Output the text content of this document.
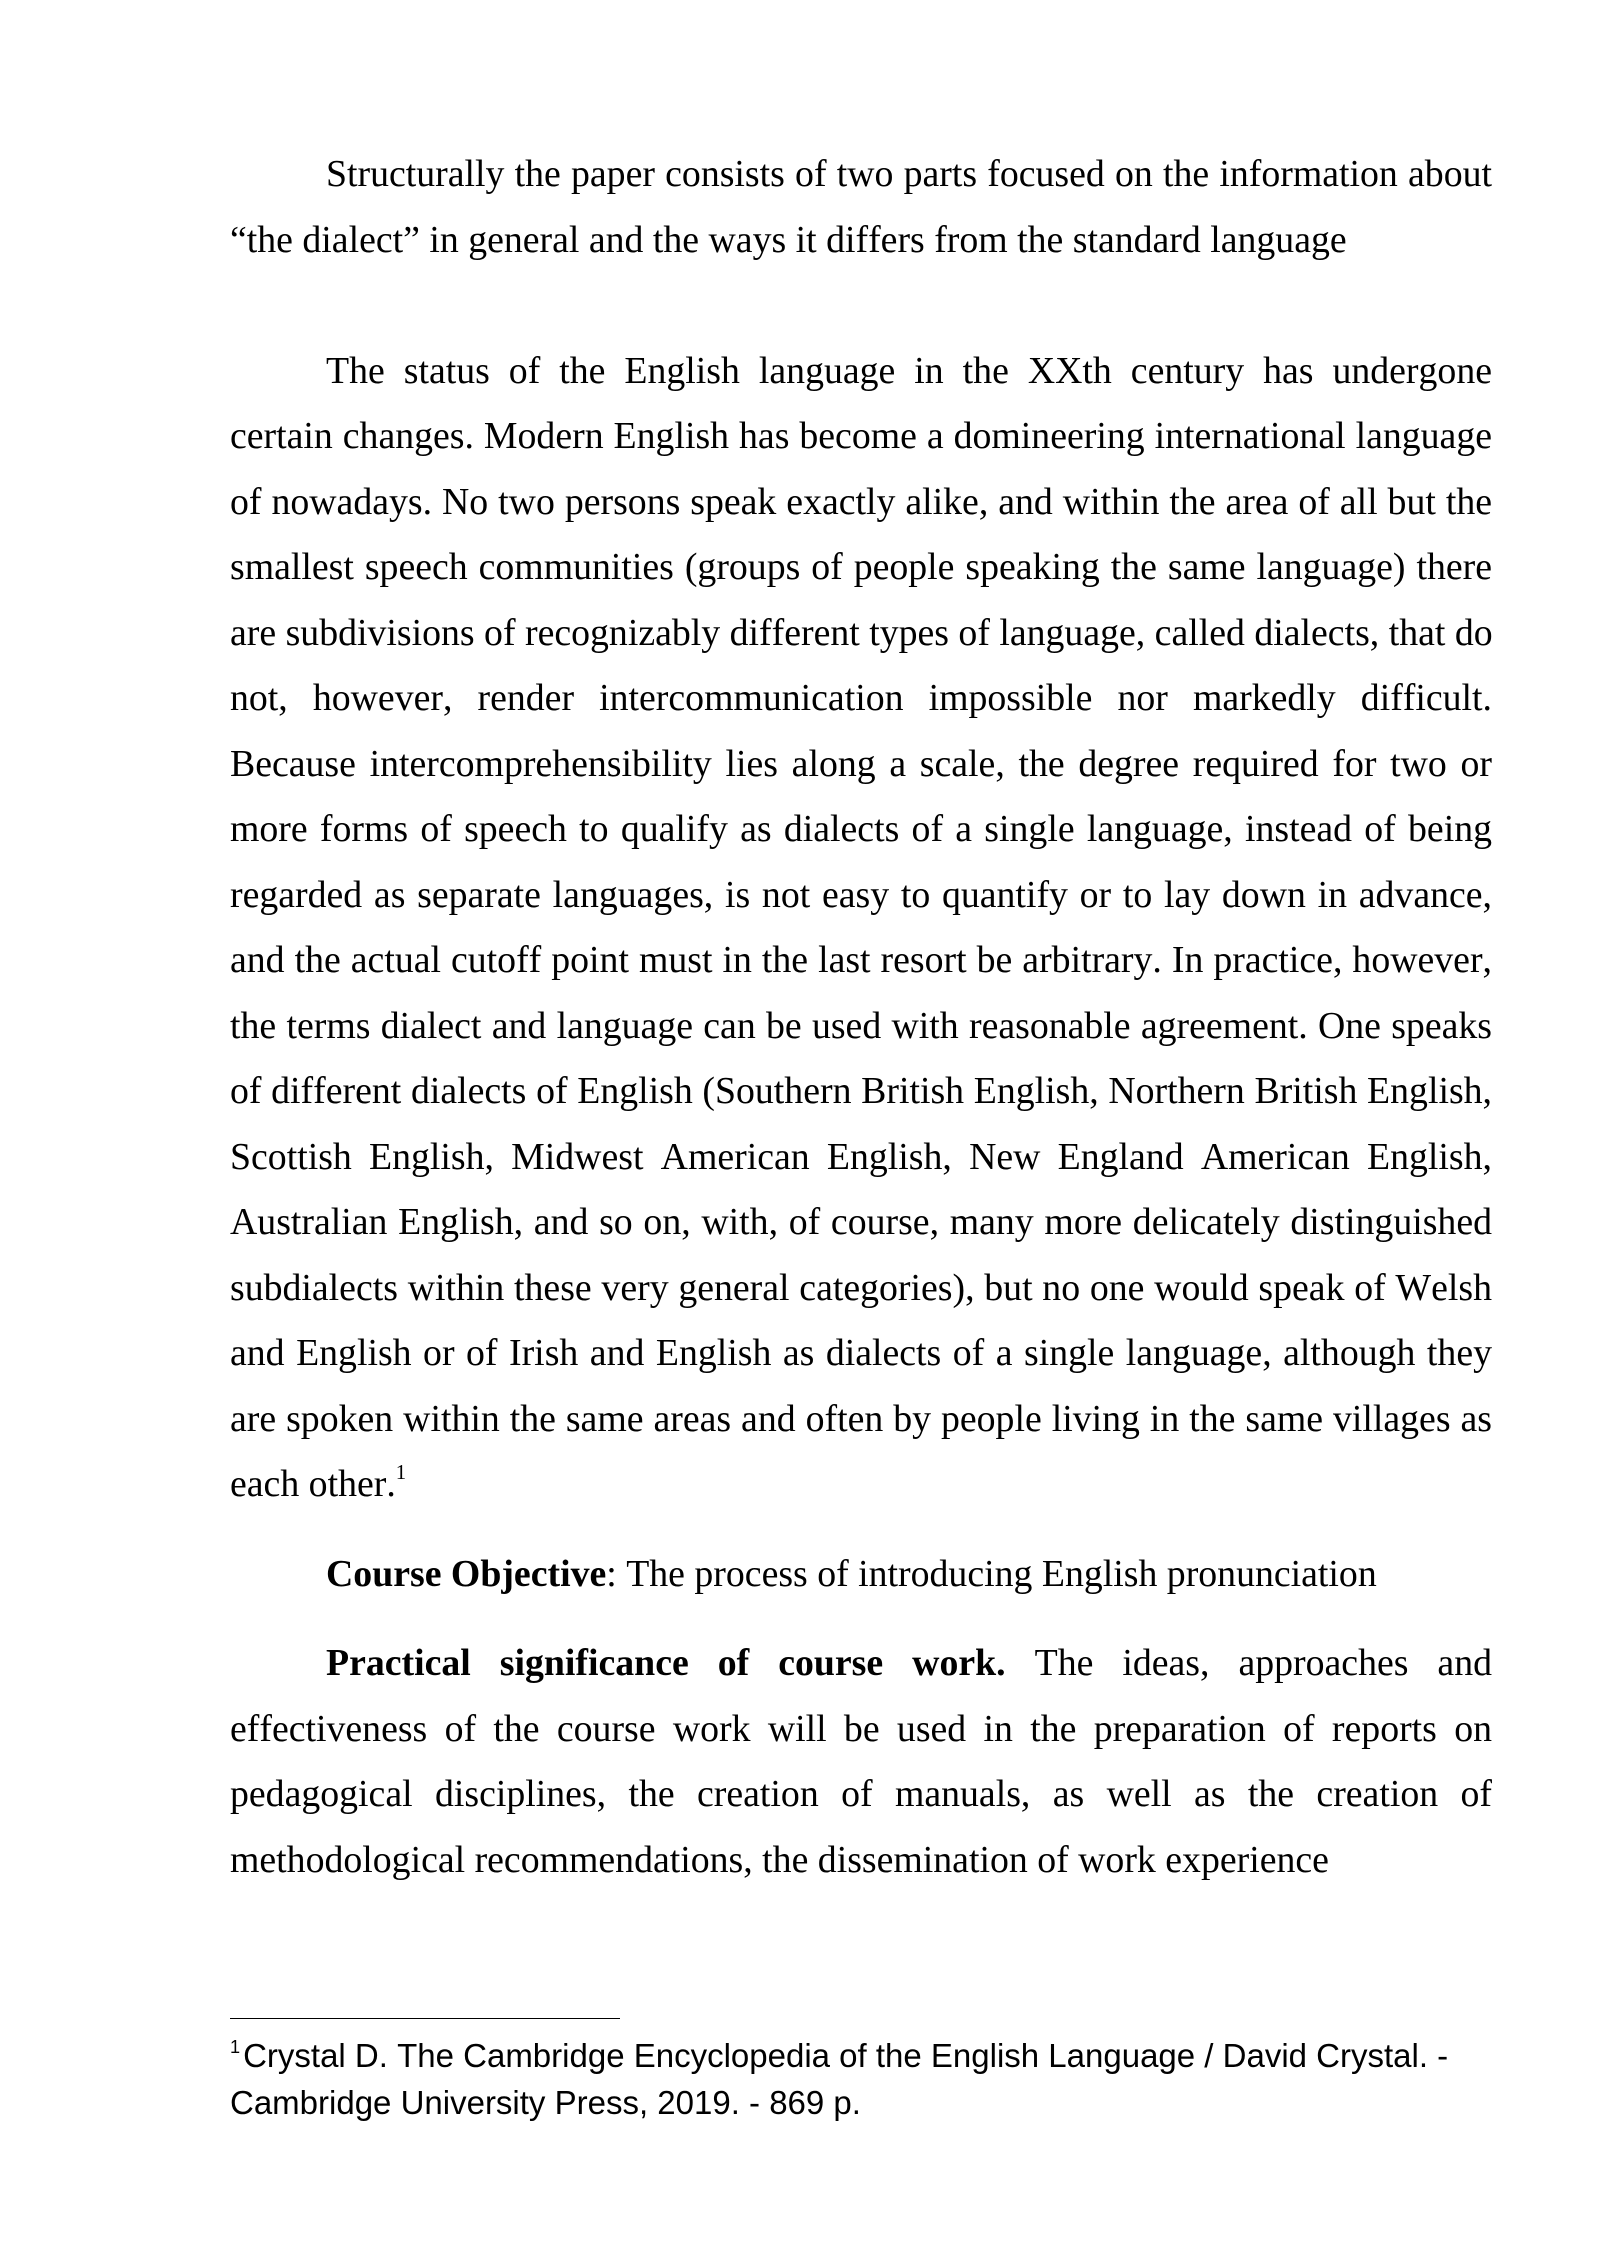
Structurally the paper consists of two parts focused on the information about
“the dialect” in general and the ways it differs from the standard language
The status of the English language in the XXth century has undergone
certain changes. Modern English has become a domineering international language
of nowadays. No two persons speak exactly alike, and within the area of all but the
smallest speech communities (groups of people speaking the same language) there
are subdivisions of recognizably different types of language, called dialects, that do
not, however, render intercommunication impossible nor markedly difficult.
Because intercomprehensibility lies along a scale, the degree required for two or
more forms of speech to qualify as dialects of a single language, instead of being
regarded as separate languages, is not easy to quantify or to lay down in advance,
and the actual cutoff point must in the last resort be arbitrary. In practice, however,
the terms dialect and language can be used with reasonable agreement. One speaks
of different dialects of English (Southern British English, Northern British English,
Scottish English, Midwest American English, New England American English,
Australian English, and so on, with, of course, many more delicately distinguished
subdialects within these very general categories), but no one would speak of Welsh
and English or of Irish and English as dialects of a single language, although they
are spoken within the same areas and often by people living in the same villages as
each other.$^1$
Course Objective: The process of introducing English pronunciation
Practical significance of course work. The ideas, approaches and
effectiveness of the course work will be used in the preparation of reports on
pedagogical disciplines, the creation of manuals, as well as the creation of
methodological recommendations, the dissemination of work experience
$^1$Crystal D. The Cambridge Encyclopedia of the English Language / David Crystal. - Cambridge University Press, 2019. - 869 p.
